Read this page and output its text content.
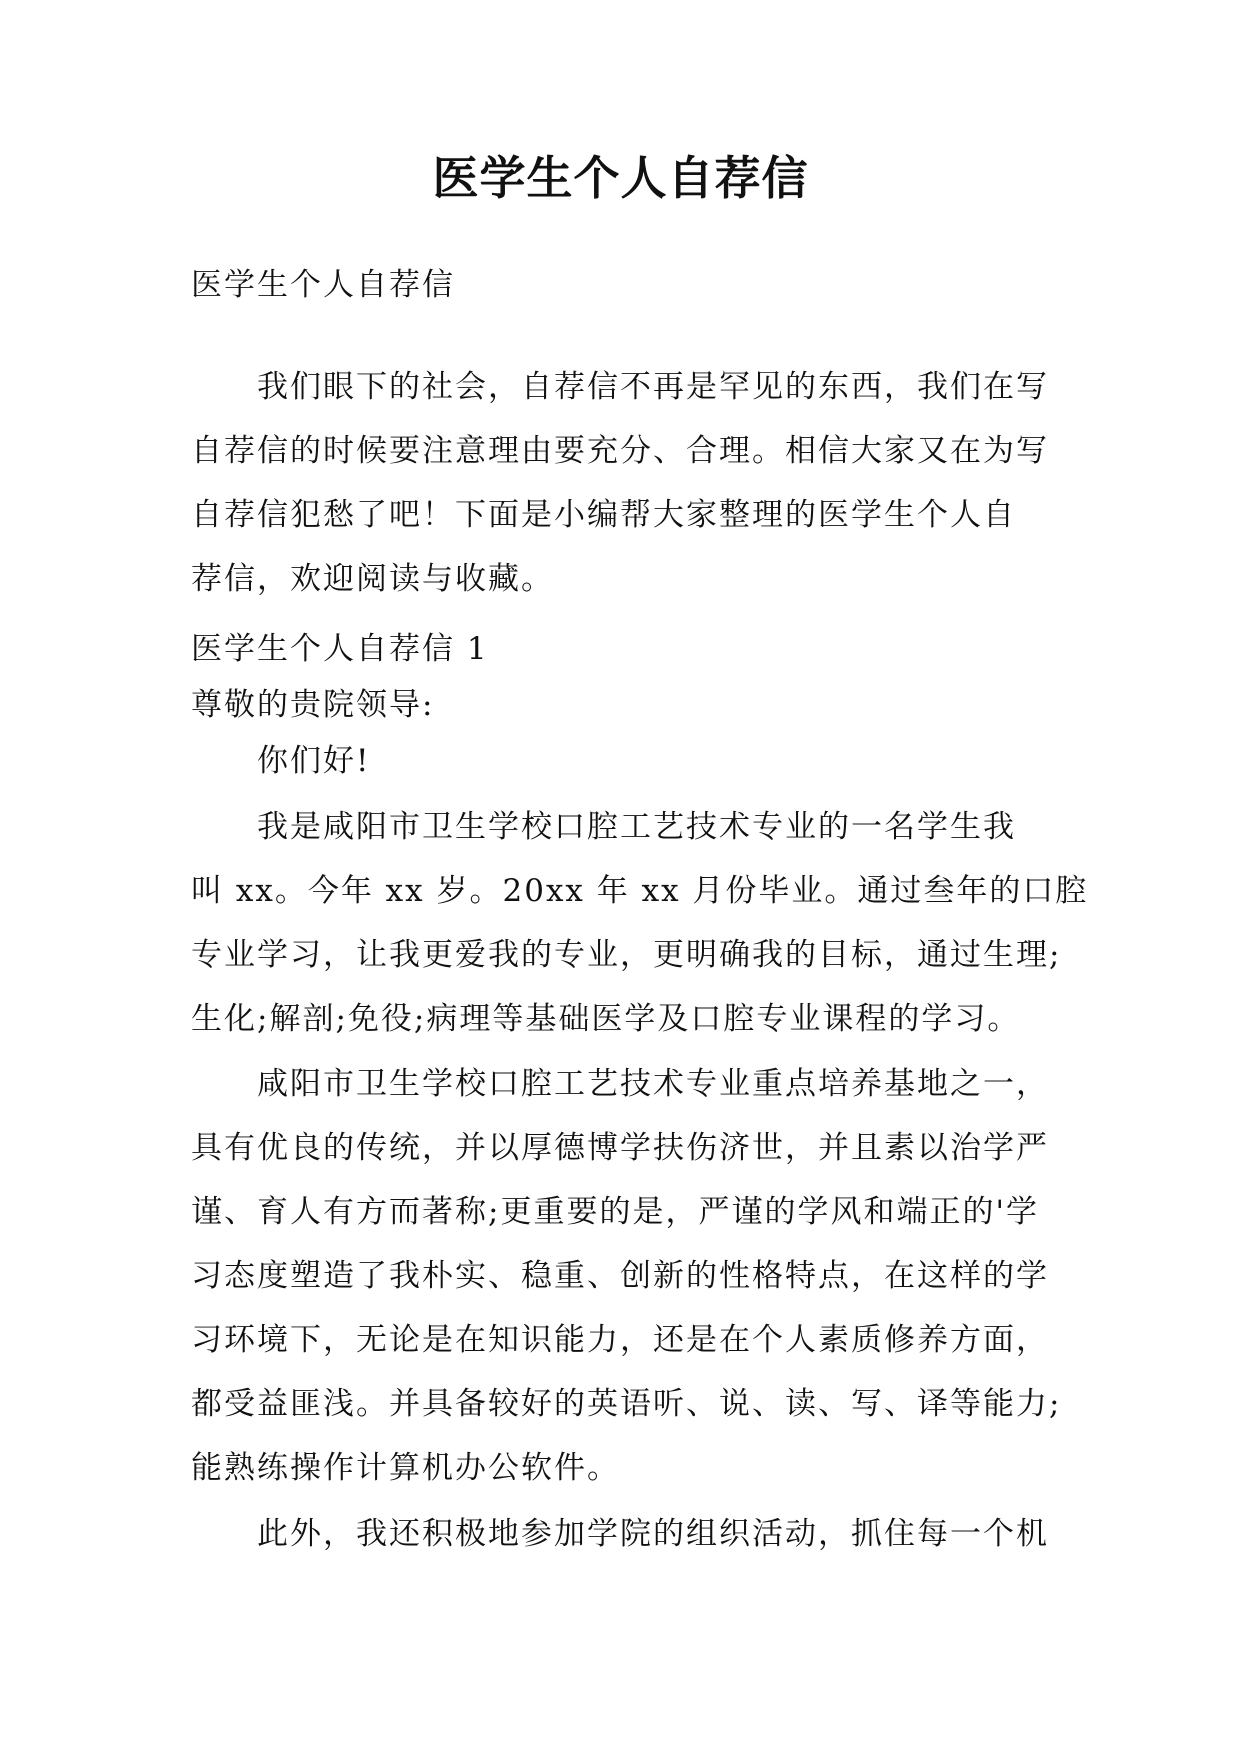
医学生个人自荐信
医学生个人自荐信
我们眼下的社会，自荐信不再是罕见的东西，我们在写
自荐信的时候要注意理由要充分、合理。相信大家又在为写
自荐信犯愁了吧！下面是小编帮大家整理的医学生个人自
荐信，欢迎阅读与收藏。
医学生个人自荐信 1
尊敬的贵院领导:
你们好!
我是咸阳市卫生学校口腔工艺技术专业的一名学生我
叫 xx。今年 xx 岁。20xx 年 xx 月份毕业。通过叁年的口腔
专业学习，让我更爱我的专业，更明确我的目标，通过生理;
生化;解剖;免役;病理等基础医学及口腔专业课程的学习。
咸阳市卫生学校口腔工艺技术专业重点培养基地之一，
具有优良的传统，并以厚德博学扶伤济世，并且素以治学严
谨、育人有方而著称;更重要的是，严谨的学风和端正的'学
习态度塑造了我朴实、稳重、创新的性格特点，在这样的学
习环境下，无论是在知识能力，还是在个人素质修养方面，
都受益匪浅。并具备较好的英语听、说、读、写、译等能力;
能熟练操作计算机办公软件。
此外，我还积极地参加学院的组织活动，抓住每一个机
